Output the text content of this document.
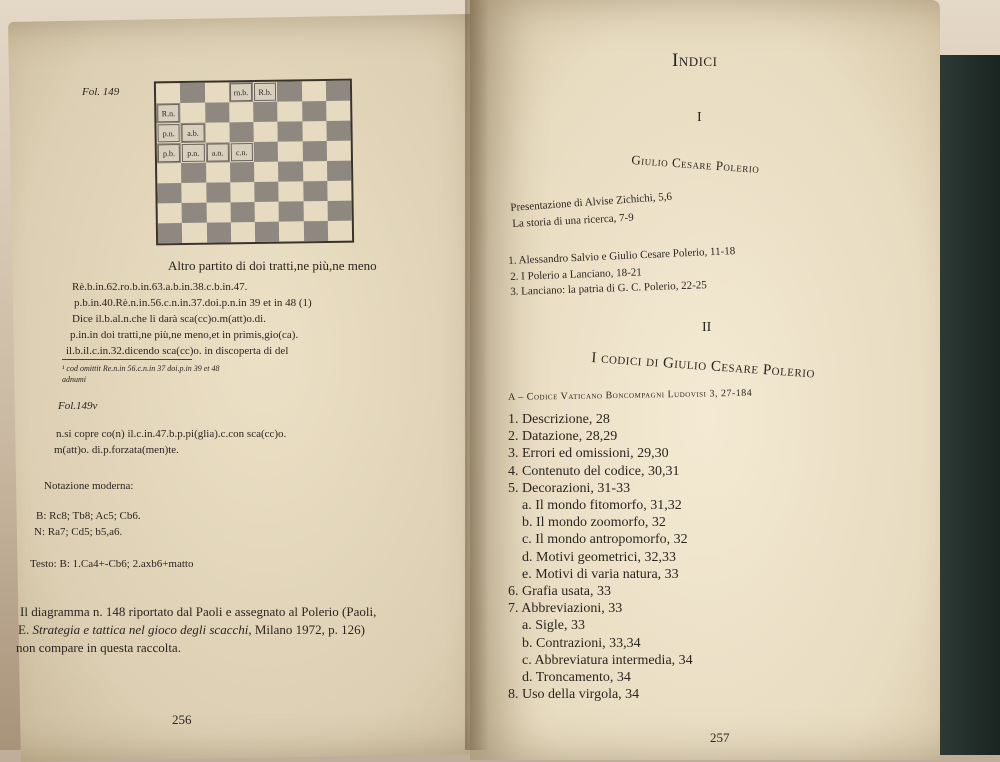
Fol. 149	rn.b.	R.b.
R.n.
p.n.	a.b.
p.b.	p.n.	a.n.	c.n.
Altro partito di doi tratti,ne più,ne meno
Rè.b.in.62.ro.b.in.63.a.b.in.38.c.b.in.47.
p.b.in.40.Rè.n.in.56.c.n.in.37.doi.p.n.in 39 et in 48 (1)
Dice il.b.al.n.che li darà sca(cc)o.m(att)o.di.
p.in.in doi tratti,ne più,ne meno,et in primis,gio(ca).
il.b.il.c.in.32.dicendo sca(cc)o. in discoperta di del
¹ cod omittit Re.n.in 56.c.n.in 37 doi.p.in 39 et 48
adnumi
Fol.149v
n.si copre co(n) il.c.in.47.b.p.pi(glia).c.con sca(cc)o.
m(att)o. di.p.forzata(men)te.
Notazione moderna:
B: Rc8; Tb8; Ac5; Cb6.
N: Ra7; Cd5; b5,a6.
Testo: B: 1.Ca4+-Cb6; 2.axb6+matto
Il diagramma n. 148 riportato dal Paoli e assegnato al Polerio (Paoli,
E. Strategia e tattica nel gioco degli scacchi, Milano 1972, p. 126)
non compare in questa raccolta.
256
Indici
I
Giulio Cesare Polerio
Presentazione di Alvise Zichichi, 5,6
La storia di una ricerca, 7-9
1. Alessandro Salvio e Giulio Cesare Polerio, 11-18
2. I Polerio a Lanciano, 18-21
3. Lanciano: la patria di G. C. Polerio, 22-25
II
I codici di Giulio Cesare Polerio
A – Codice Vaticano Boncompagni Ludovisi 3, 27-184
1. Descrizione, 28
2. Datazione, 28,29
3. Errori ed omissioni, 29,30
4. Contenuto del codice, 30,31
5. Decorazioni, 31-33
a. Il mondo fitomorfo, 31,32
b. Il mondo zoomorfo, 32
c. Il mondo antropomorfo, 32
d. Motivi geometrici, 32,33
e. Motivi di varia natura, 33
6. Grafia usata, 33
7. Abbreviazioni, 33
a. Sigle, 33
b. Contrazioni, 33,34
c. Abbreviatura intermedia, 34
d. Troncamento, 34
8. Uso della virgola, 34
257
